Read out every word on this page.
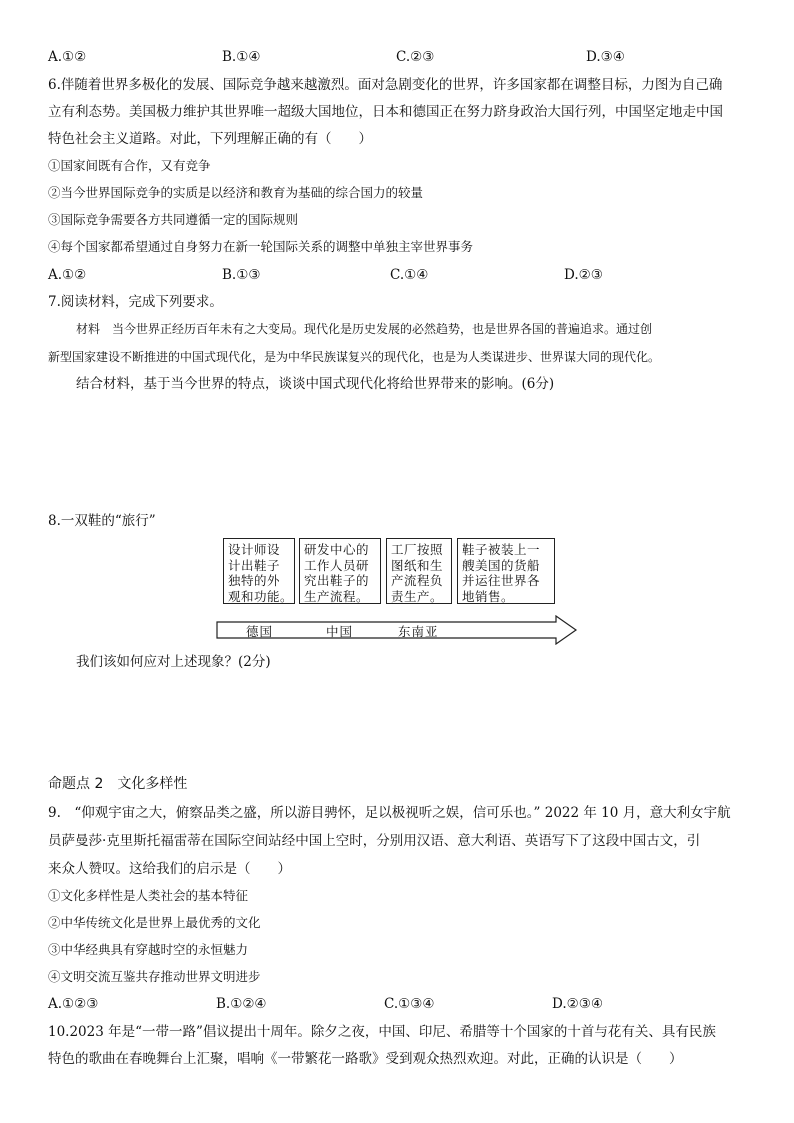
A.①②	B.①④	C.②③	D.③④
6.伴随着世界多极化的发展、国际竞争越来越激烈。面对急剧变化的世界，许多国家都在调整目标，力图为自己确
立有利态势。美国极力维护其世界唯一超级大国地位，日本和德国正在努力跻身政治大国行列，中国坚定地走中国
特色社会主义道路。对此，下列理解正确的有（　　）
①国家间既有合作，又有竞争
②当今世界国际竞争的实质是以经济和教育为基础的综合国力的较量
③国际竞争需要各方共同遵循一定的国际规则
④每个国家都希望通过自身努力在新一轮国际关系的调整中单独主宰世界事务
A.①②	B.①③	C.①④	D.②③
7.阅读材料，完成下列要求。
材料　当今世界正经历百年未有之大变局。现代化是历史发展的必然趋势，也是世界各国的普遍追求。通过创
新型国家建设不断推进的中国式现代化，是为中华民族谋复兴的现代化，也是为人类谋进步、世界谋大同的现代化。
结合材料，基于当今世界的特点，谈谈中国式现代化将给世界带来的影响。(6分)
8.一双鞋的“旅行”
设计师设
计出鞋子
独特的外
观和功能。
研发中心的
工作人员研
究出鞋子的
生产流程。
工厂按照
图纸和生
产流程负
责生产。
鞋子被装上一
艘美国的货船
并运往世界各
地销售。
德国	中国	东南亚
我们该如何应对上述现象？(2分)
命题点 2　文化多样性
9.　“仰观宇宙之大，俯察品类之盛，所以游目骋怀，足以极视听之娱，信可乐也。” 2022 年 10 月，意大利女宇航
员萨曼莎·克里斯托福雷蒂在国际空间站经中国上空时，分别用汉语、意大利语、英语写下了这段中国古文，引
来众人赞叹。这给我们的启示是（　　）
①文化多样性是人类社会的基本特征
②中华传统文化是世界上最优秀的文化
③中华经典具有穿越时空的永恒魅力
④文明交流互鉴共存推动世界文明进步
A.①②③	B.①②④	C.①③④	D.②③④
10.2023 年是“一带一路”倡议提出十周年。除夕之夜，中国、印尼、希腊等十个国家的十首与花有关、具有民族
特色的歌曲在春晚舞台上汇聚，唱响《一带繁花一路歌》受到观众热烈欢迎。对此，正确的认识是（　　）
